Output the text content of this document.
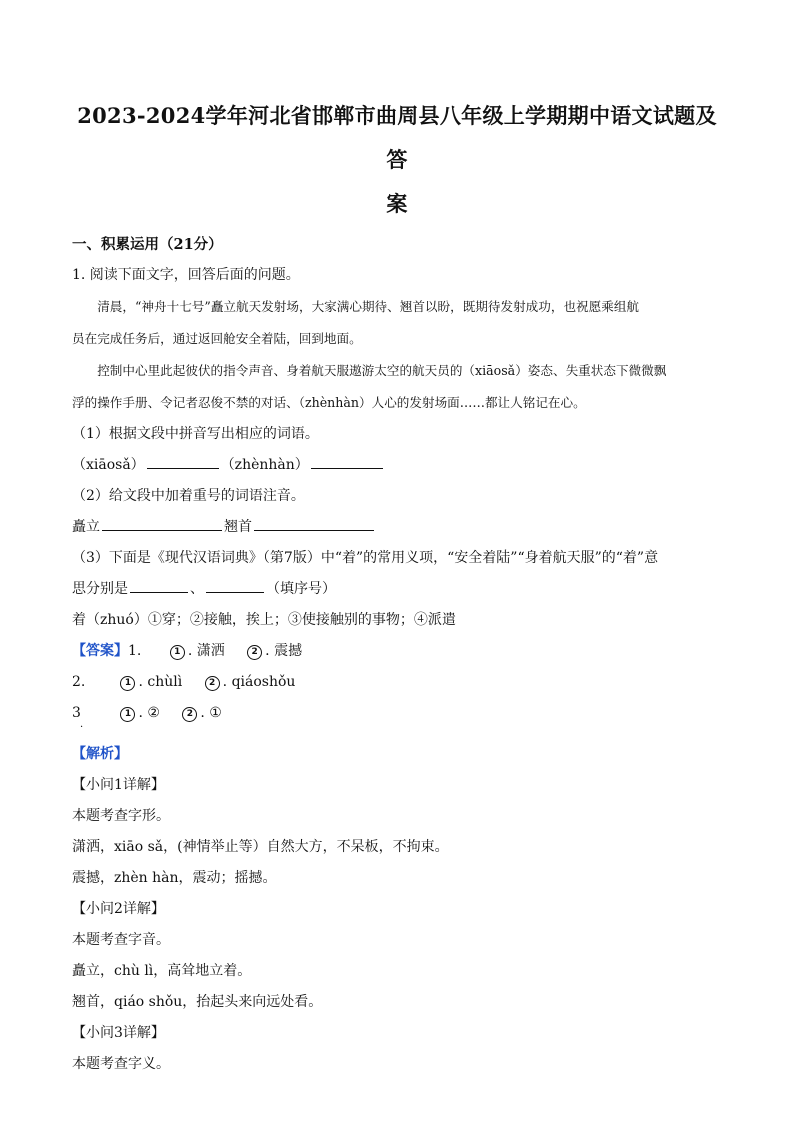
2023-2024学年河北省邯郸市曲周县八年级上学期期中语文试题及答
案

一、积累运用（21分）

1. 阅读下面文字，回答后面的问题。

清晨，“神舟十七号”矗立航天发射场，大家满心期待、翘首以盼，既期待发射成功，也祝愿乘组航

员在完成任务后，通过返回舱安全着陆，回到地面。

控制中心里此起彼伏的指令声音、身着航天服遨游太空的航天员的（xiāosǎ）姿态、失重状态下微微飘

浮的操作手册、令记者忍俊不禁的对话、（zhènhàn）人心的发射场面……都让人铭记在心。

（1）根据文段中拼音写出相应的词语。

（xiāosǎ）	（zhènhàn）

（2）给文段中加着重号的词语注音。

矗立	翘首

（3）下面是《现代汉语词典》（第7版）中“着”的常用义项，“安全着陆”“身着航天服”的“着”意

思分别是	、	（填序号）

着（zhuó）①穿；②接触，挨上；③使接触别的事物；④派遣

【答案】1.	1 . 潇洒	2 . 震撼

2.	1 . chùlì	2 . qiáoshǒu

3	1 . ②	2 . ①

·

【解析】

【小问1详解】

本题考查字形。

潇洒，xiāo sǎ，(神情举止等）自然大方，不呆板，不拘束。

震撼，zhèn hàn，震动；摇撼。

【小问2详解】

本题考查字音。

矗立，chù lì，高耸地立着。

翘首，qiáo shǒu，抬起头来向远处看。

【小问3详解】

本题考查字义。
